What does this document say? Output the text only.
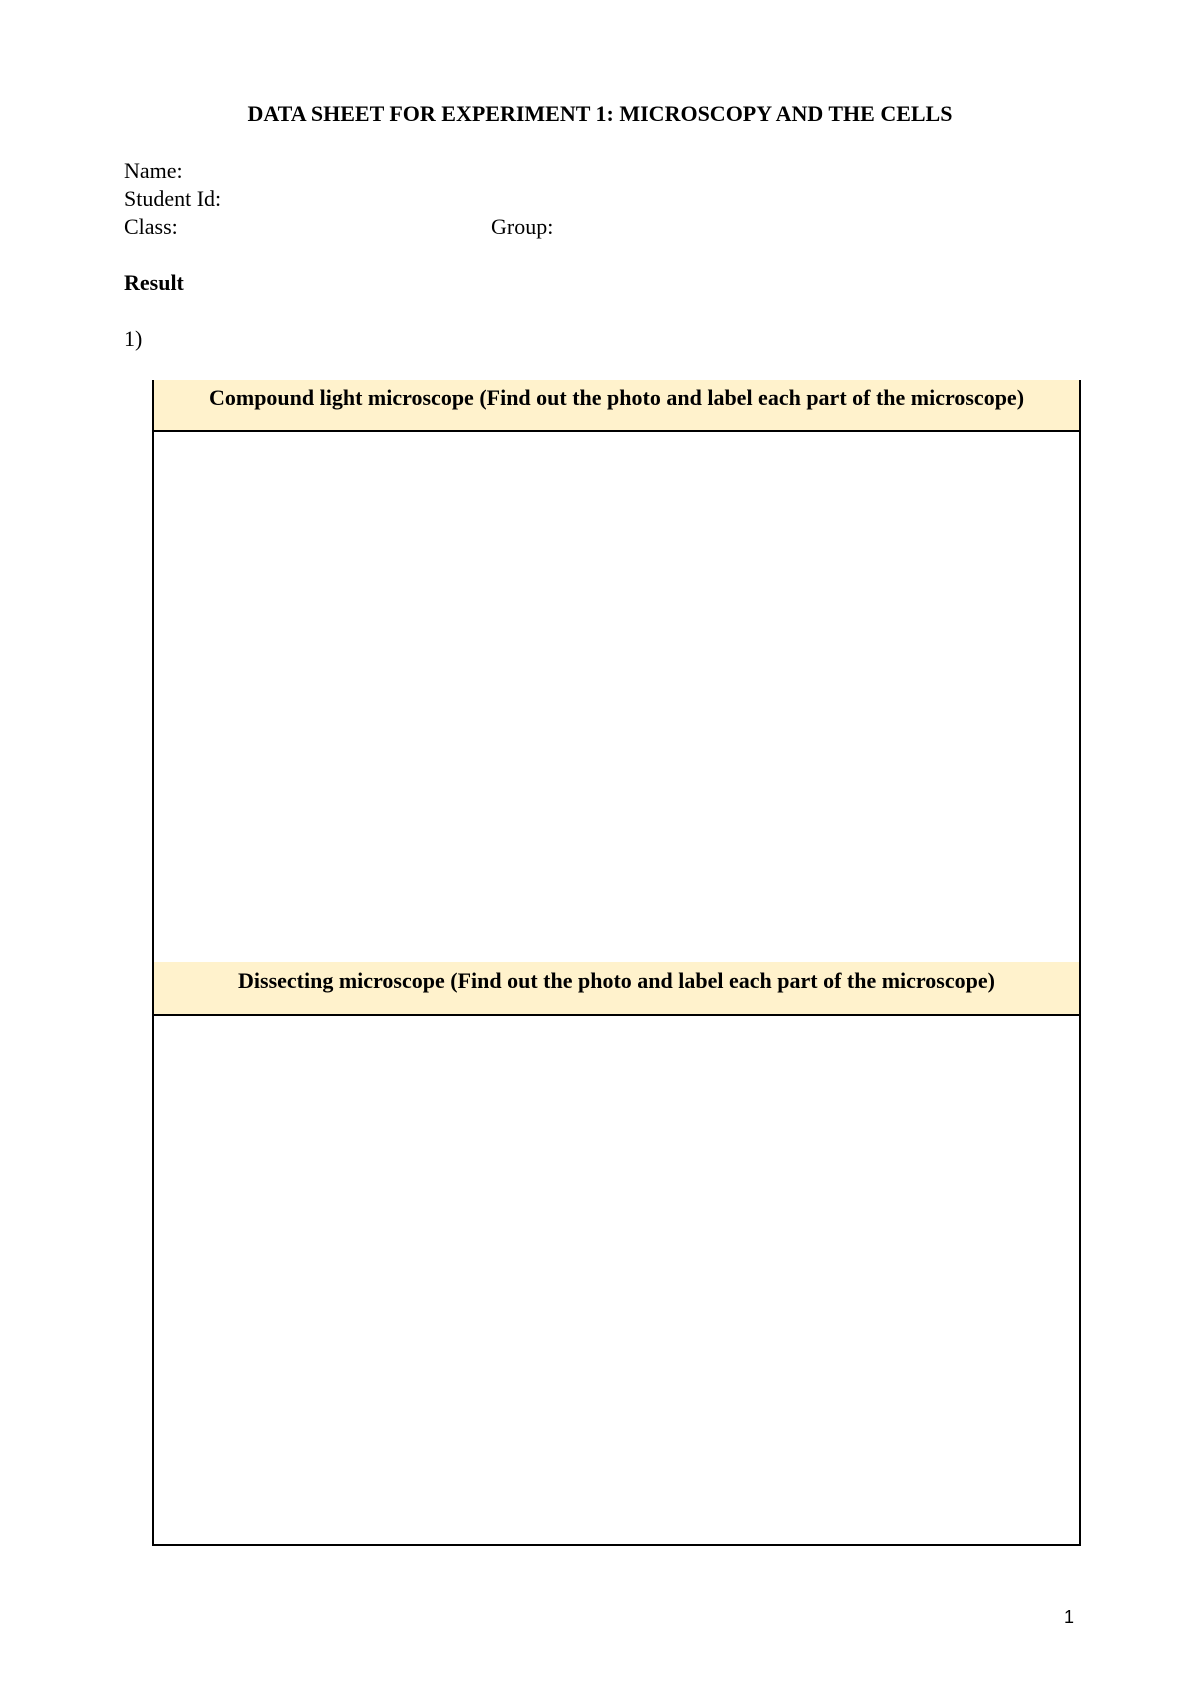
DATA SHEET FOR EXPERIMENT 1: MICROSCOPY AND THE CELLS
Name:
Student Id:
Class:	Group:
Result
1)
Compound light microscope (Find out the photo and label each part of the microscope)
Dissecting microscope (Find out the photo and label each part of the microscope)
1
